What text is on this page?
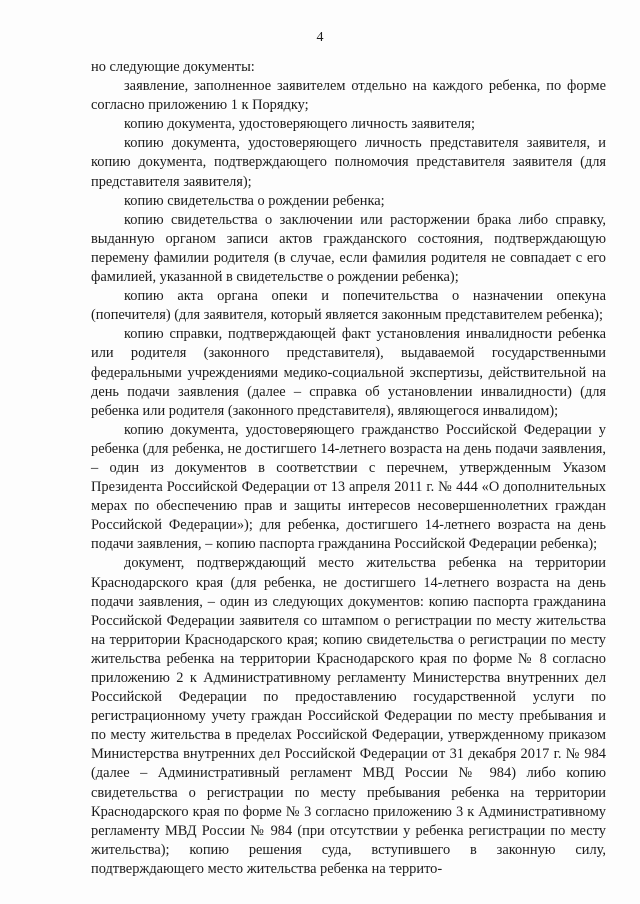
4

но следующие документы:

заявление, заполненное заявителем отдельно на каждого ребенка, по форме согласно приложению 1 к Порядку;

копию документа, удостоверяющего личность заявителя;

копию документа, удостоверяющего личность представителя заявителя, и копию документа, подтверждающего полномочия представителя заявителя (для представителя заявителя);

копию свидетельства о рождении ребенка;

копию свидетельства о заключении или расторжении брака либо справку, выданную органом записи актов гражданского состояния, подтверждающую перемену фамилии родителя (в случае, если фамилия родителя не совпадает с его фамилией, указанной в свидетельстве о рождении ребенка);

копию акта органа опеки и попечительства о назначении опекуна (попечителя) (для заявителя, который является законным представителем ребенка);

копию справки, подтверждающей факт установления инвалидности ребенка или родителя (законного представителя), выдаваемой государственными федеральными учреждениями медико-социальной экспертизы, действительной на день подачи заявления (далее – справка об установлении инвалидности) (для ребенка или родителя (законного представителя), являющегося инвалидом);

копию документа, удостоверяющего гражданство Российской Федерации у ребенка (для ребенка, не достигшего 14-летнего возраста на день подачи заявления, – один из документов в соответствии с перечнем, утвержденным Указом Президента Российской Федерации от 13 апреля 2011 г. № 444 «О дополнительных мерах по обеспечению прав и защиты интересов несовершеннолетних граждан Российской Федерации»); для ребенка, достигшего 14-летнего возраста на день подачи заявления, – копию паспорта гражданина Российской Федерации ребенка);

документ, подтверждающий место жительства ребенка на территории Краснодарского края (для ребенка, не достигшего 14-летнего возраста на день подачи заявления, – один из следующих документов: копию паспорта гражданина Российской Федерации заявителя со штампом о регистрации по месту жительства на территории Краснодарского края; копию свидетельства о регистрации по месту жительства ребенка на территории Краснодарского края по форме № 8 согласно приложению 2 к Административному регламенту Министерства внутренних дел Российской Федерации по предоставлению государственной услуги по регистрационному учету граждан Российской Федерации по месту пребывания и по месту жительства в пределах Российской Федерации, утвержденному приказом Министерства внутренних дел Российской Федерации от 31 декабря 2017 г. № 984 (далее – Административный регламент МВД России № 984) либо копию свидетельства о регистрации по месту пребывания ребенка на территории Краснодарского края по форме № 3 согласно приложению 3 к Административному регламенту МВД России № 984 (при отсутствии у ребенка регистрации по месту жительства); копию решения суда, вступившего в законную силу, подтверждающего место жительства ребенка на террито-
